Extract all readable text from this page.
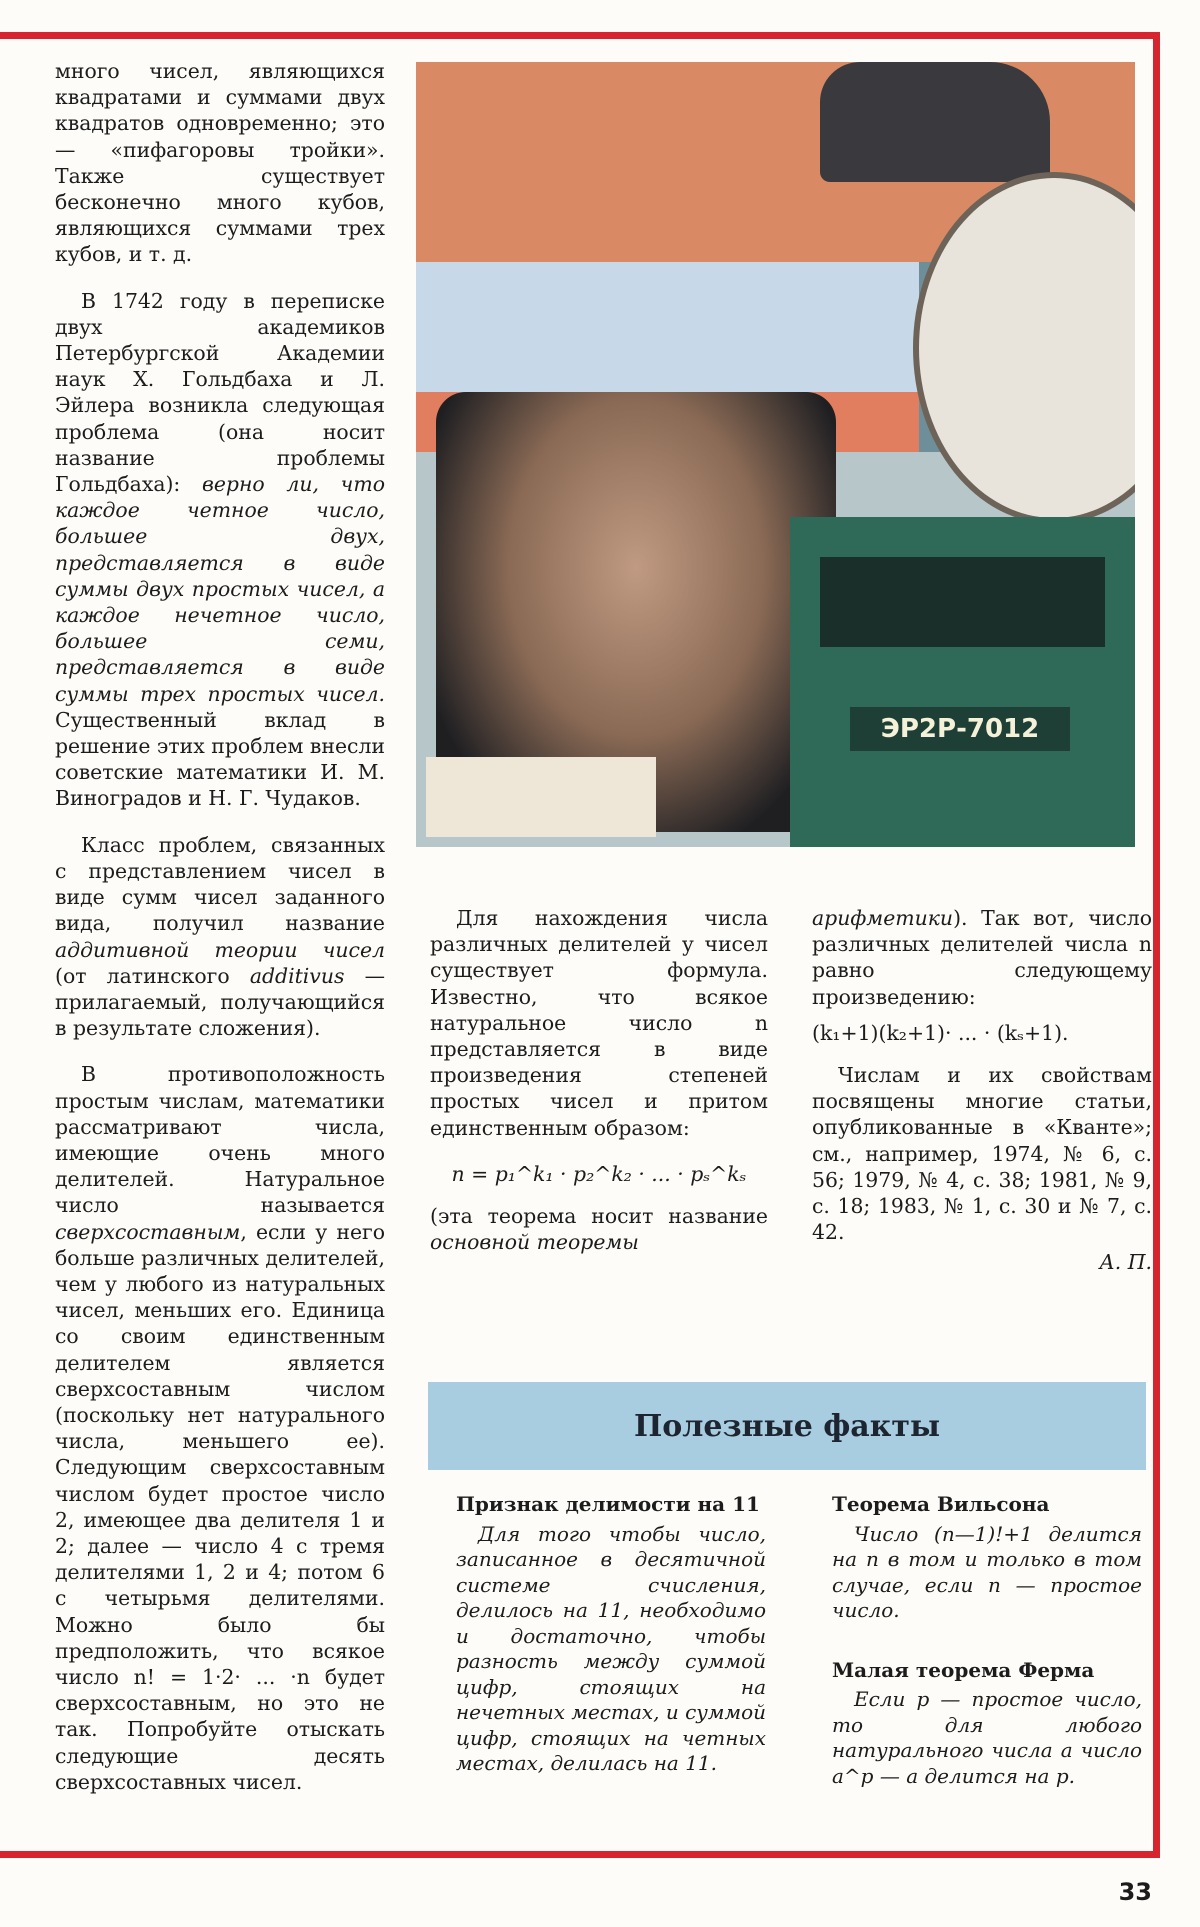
много чисел, являющихся квадратами и суммами двух квадратов одновременно; это — «пифагоровы тройки». Также существует бесконечно много кубов, являющихся суммами трех кубов, и т. д.

В 1742 году в переписке двух академиков Петербургской Академии наук Х. Гольдбаха и Л. Эйлера возникла следующая проблема (она носит название проблемы Гольдбаха): верно ли, что каждое четное число, большее двух, представляется в виде суммы двух простых чисел, а каждое нечетное число, большее семи, представляется в виде суммы трех простых чисел. Существенный вклад в решение этих проблем внесли советские математики И. М. Виноградов и Н. Г. Чудаков.

Класс проблем, связанных с представлением чисел в виде сумм чисел заданного вида, получил название аддитивной теории чисел (от латинского additivus — прилагаемый, получающийся в результате сложения).

В противоположность простым числам, математики рассматривают числа, имеющие очень много делителей. Натуральное число называется сверхсоставным, если у него больше различных делителей, чем у любого из натуральных чисел, меньших его. Единица со своим единственным делителем является сверхсоставным числом (поскольку нет натурального числа, меньшего ее). Следующим сверхсоставным числом будет простое число 2, имеющее два делителя 1 и 2; далее — число 4 с тремя делителями 1, 2 и 4; потом 6 с четырьмя делителями. Можно было бы предположить, что всякое число n! = 1·2· ... ·n будет сверхсоставным, но это не так. Попробуйте отыскать следующие десять сверхсоставных чисел.

ЭР2Р-7012

Для нахождения числа различных делителей у чисел существует формула. Известно, что всякое натуральное число n представляется в виде произведения степеней простых чисел и притом единственным образом:

n = p₁^k₁ · p₂^k₂ · ... · pₛ^kₛ

(эта теорема носит название основной теоремы

арифметики). Так вот, число различных делителей числа n равно следующему произведению:

(k₁+1)(k₂+1)· ... · (kₛ+1).

Числам и их свойствам посвящены многие статьи, опубликованные в «Кванте»; см., например, 1974, № 6, с. 56; 1979, № 4, с. 38; 1981, № 9, с. 18; 1983, № 1, с. 30 и № 7, с. 42.

А. П.
Полезные факты
Признак делимости на 11

Для того чтобы число, записанное в десятичной системе счисления, делилось на 11, необходимо и достаточно, чтобы разность между суммой цифр, стоящих на нечетных местах, и суммой цифр, стоящих на четных местах, делилась на 11.

Теорема Вильсона

Число (n—1)!+1 делится на n в том и только в том случае, если n — простое число.

Малая теорема Ферма

Если p — простое число, то для любого натурального числа a число a^p — a делится на p.

33
